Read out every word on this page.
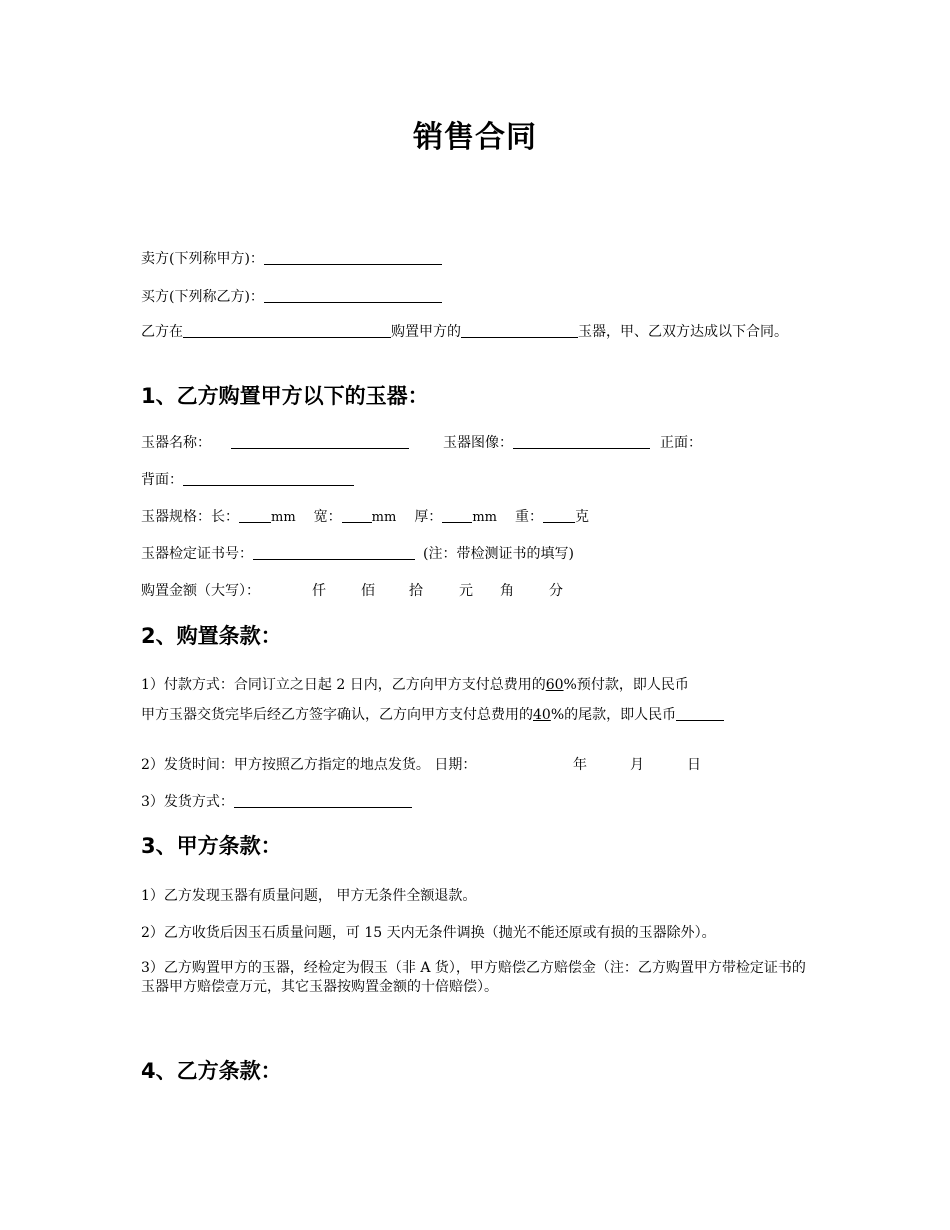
销售合同
卖方(下列称甲方)：
买方(下列称乙方)：
乙方在	购置甲方的	玉器，甲、乙双方达成以下合同。
1、乙方购置甲方以下的玉器：
玉器名称：	玉器图像：	正面：
背面：
玉器规格：长： mm 宽： mm 厚： mm 重： 克
玉器检定证书号：	(注：带检测证书的填写)
购置金额（大写）：	仟	佰 拾	元 角	分
2、购置条款：
1）付款方式：合同订立之日起 2 日内，乙方向甲方支付总费用的60%预付款，即人民币
甲方玉器交货完毕后经乙方签字确认，乙方向甲方支付总费用的40%的尾款，即人民币
2）发货时间：甲方按照乙方指定的地点发货。 日期：	年	月	日
3）发货方式：
3、甲方条款：
1）乙方发现玉器有质量问题， 甲方无条件全额退款。
2）乙方收货后因玉石质量问题，可 15 天内无条件调换（抛光不能还原或有损的玉器除外）。
3）乙方购置甲方的玉器，经检定为假玉（非 A 货），甲方赔偿乙方赔偿金（注：乙方购置甲方带检定证书的玉器甲方赔偿壹万元，其它玉器按购置金额的十倍赔偿）。
4、乙方条款：
